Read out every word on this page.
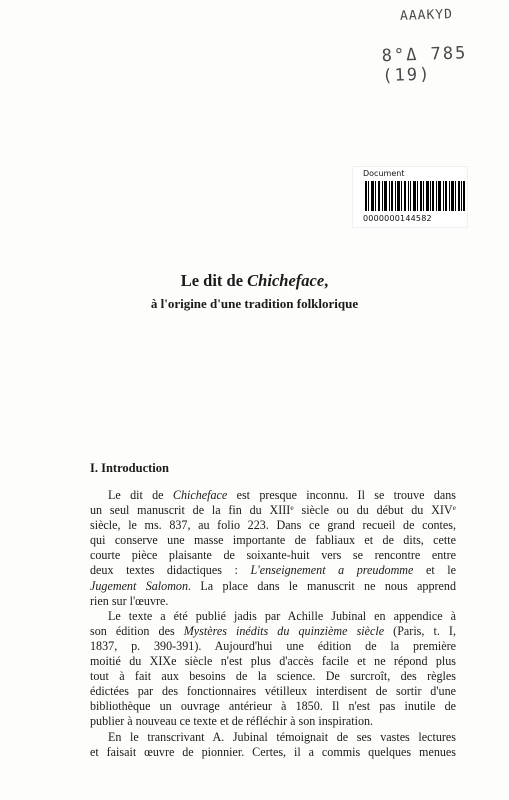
AAAKYD
8°Δ 785 (19)
Document
0000000144582
Le dit de Chicheface,
à l'origine d'une tradition folklorique
I. Introduction

Le dit de Chicheface est presque inconnu. Il se trouve dans
un seul manuscrit de la fin du XIIIe siècle ou du début du XIVe
siècle, le ms. 837, au folio 223. Dans ce grand recueil de contes,
qui conserve une masse importante de fabliaux et de dits, cette
courte pièce plaisante de soixante-huit vers se rencontre entre
deux textes didactiques : L'enseignement a preudomme et le
Jugement Salomon. La place dans le manuscrit ne nous apprend
rien sur l'œuvre.

Le texte a été publié jadis par Achille Jubinal en appendice à
son édition des Mystères inédits du quinzième siècle (Paris, t. I,
1837, p. 390-391). Aujourd'hui une édition de la première
moitié du XIXe siècle n'est plus d'accès facile et ne répond plus
tout à fait aux besoins de la science. De surcroît, des règles
édictées par des fonctionnaires vétilleux interdisent de sortir d'une
bibliothèque un ouvrage antérieur à 1850. Il n'est pas inutile de
publier à nouveau ce texte et de réfléchir à son inspiration.

En le transcrivant A. Jubinal témoignait de ses vastes lectures
et faisait œuvre de pionnier. Certes, il a commis quelques menues
